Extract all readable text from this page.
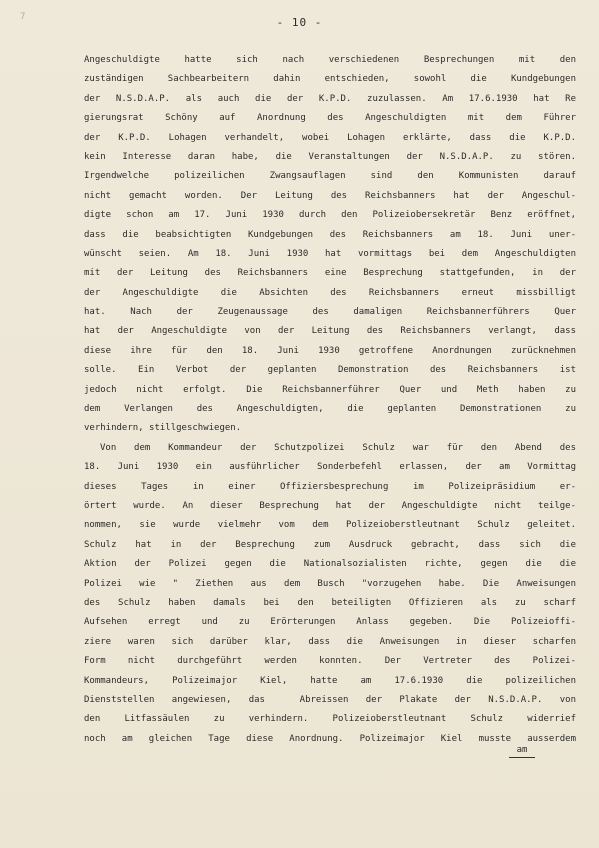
7	- 10 -
Angeschuldigte hatte sich nach verschiedenen Besprechungen mit den
zuständigen Sachbearbeitern dahin entschieden, sowohl die Kundgebungen
der N.S.D.A.P. als auch die der K.P.D. zuzulassen. Am 17.6.1930 hat Re
gierungsrat Schöny auf Anordnung des Angeschuldigten mit dem Führer
der K.P.D. Lohagen verhandelt, wobei Lohagen erklärte, dass die K.P.D.
kein Interesse daran habe, die Veranstaltungen der N.S.D.A.P. zu stören.
Irgendwelche polizeilichen Zwangsauflagen sind den Kommunisten darauf
nicht gemacht worden. Der Leitung des Reichsbanners hat der Angeschul-
digte schon am 17. Juni 1930 durch den Polizeiobersekretär Benz eröffnet,
dass die beabsichtigten Kundgebungen des Reichsbanners am 18. Juni uner-
wünscht seien. Am 18. Juni 1930 hat vormittags bei dem Angeschuldigten
mit der Leitung des Reichsbanners eine Besprechung stattgefunden, in der
der Angeschuldigte die Absichten des Reichsbanners erneut missbilligt
hat. Nach der Zeugenaussage des damaligen Reichsbannerführers Quer
hat der Angeschuldigte von der Leitung des Reichsbanners verlangt, dass
diese ihre für den 18. Juni 1930 getroffene Anordnungen zurücknehmen
solle. Ein Verbot der geplanten Demonstration des Reichsbanners ist
jedoch nicht erfolgt. Die Reichsbannerführer Quer und Meth haben zu
dem Verlangen des Angeschuldigten, die geplanten Demonstrationen zu
verhindern, stillgeschwiegen.
Von dem Kommandeur der Schutzpolizei Schulz war für den Abend des
18. Juni 1930 ein ausführlicher Sonderbefehl erlassen, der am Vormittag
dieses Tages in einer Offiziersbesprechung im Polizeipräsidium er-
örtert wurde. An dieser Besprechung hat der Angeschuldigte nicht teilge-
nommen, sie wurde vielmehr vom dem Polizeioberstleutnant Schulz geleitet.
Schulz hat in der Besprechung zum Ausdruck gebracht, dass sich die
Aktion der Polizei gegen die Nationalsozialisten richte, gegen die die
Polizei wie " Ziethen aus dem Busch "vorzugehen habe. Die Anweisungen
des Schulz haben damals bei den beteiligten Offizieren als zu scharf
Aufsehen erregt und zu Erörterungen Anlass gegeben. Die Polizeioffi-
ziere waren sich darüber klar, dass die Anweisungen in dieser scharfen
Form nicht durchgeführt werden konnten. Der Vertreter des Polizei-
Kommandeurs, Polizeimajor Kiel, hatte am 17.6.1930 die polizeilichen
Dienststellen angewiesen, das  Abreissen der Plakate der N.S.D.A.P. von
den Litfassäulen zu verhindern. Polizeioberstleutnant Schulz widerrief
noch am gleichen Tage diese Anordnung. Polizeimajor Kiel musste ausserdem
am
